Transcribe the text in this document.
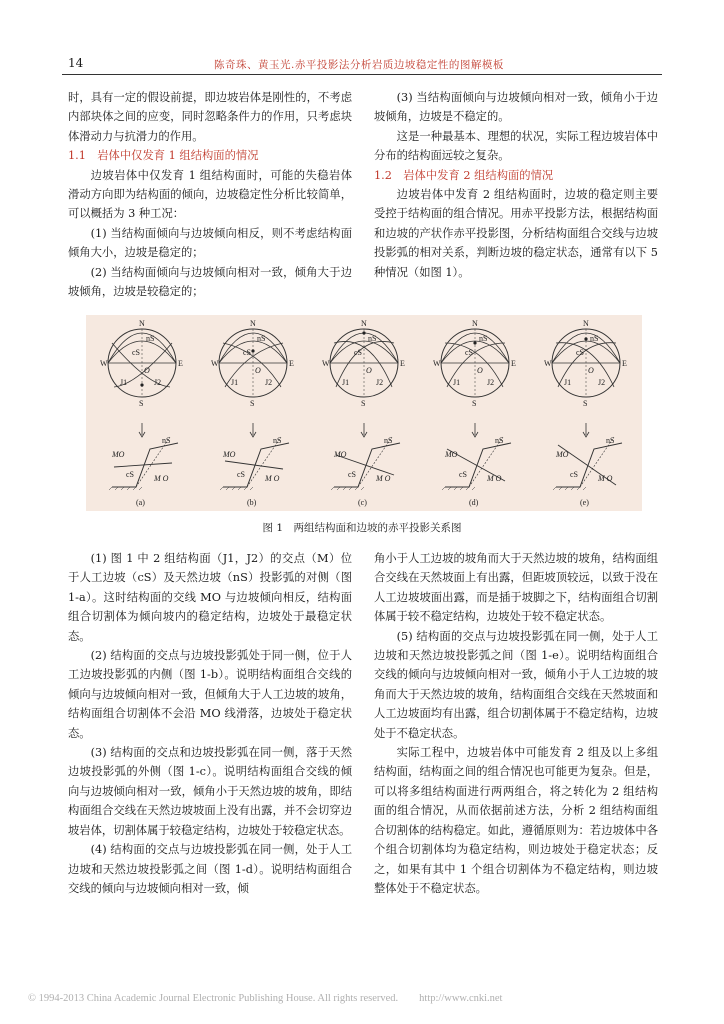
14	陈奇珠、黄玉光.赤平投影法分析岩质边坡稳定性的图解模板

时，具有一定的假设前提，即边坡岩体是刚性的，不考虑内部块体之间的应变，同时忽略条件力的作用，只考虑块体滑动力与抗滑力的作用。

1.1　岩体中仅发育 1 组结构面的情况

边坡岩体中仅发育 1 组结构面时，可能的失稳岩体滑动方向即为结构面的倾向，边坡稳定性分析比较简单，可以概括为 3 种工况：

(1) 当结构面倾向与边坡倾向相反，则不考虑结构面倾角大小，边坡是稳定的；

(2) 当结构面倾向与边坡倾向相对一致，倾角大于边坡倾角，边坡是较稳定的；

(3) 当结构面倾向与边坡倾向相对一致，倾角小于边坡倾角，边坡是不稳定的。

这是一种最基本、理想的状况，实际工程边坡岩体中分布的结构面远较之复杂。

1.2　岩体中发育 2 组结构面的情况

边坡岩体中发育 2 组结构面时，边坡的稳定则主要受控于结构面的组合情况。用赤平投影方法，根据结构面和边坡的产状作赤平投影图，分析结构面组合交线与边坡投影弧的相对关系，判断边坡的稳定状态，通常有以下 5 种情况（如图 1）。

N
S
W	E
O
cS
nS
J1	J2
MO
M O
cS
nS
(a)
N
S
W	E
O
cS
nS
J1	J2
MO
M O
cS
nS
(b)
N
S
W	E
O
cS
nS
J1	J2
MO
M O
cS
nS
(c)
N
S
W	E
O
cS
nS
J1	J2
MO
M O
cS
nS
(d)
N
S
W	E
O
cS
nS
J1	J2
MO
M O
cS
nS
(e)
图 1　两组结构面和边坡的赤平投影关系图

(1) 图 1 中 2 组结构面（J1，J2）的交点（M）位于人工边坡（cS）及天然边坡（nS）投影弧的对侧（图 1-a）。这时结构面的交线 MO 与边坡倾向相反，结构面组合切割体为倾向坡内的稳定结构，边坡处于最稳定状态。

(2) 结构面的交点与边坡投影弧处于同一侧，位于人工边坡投影弧的内侧（图 1-b）。说明结构面组合交线的倾向与边坡倾向相对一致，但倾角大于人工边坡的坡角，结构面组合切割体不会沿 MO 线滑落，边坡处于稳定状态。

(3) 结构面的交点和边坡投影弧在同一侧，落于天然边坡投影弧的外侧（图 1-c）。说明结构面组合交线的倾向与边坡倾向相对一致，倾角小于天然边坡的坡角，即结构面组合交线在天然边坡坡面上没有出露，并不会切穿边坡岩体，切割体属于较稳定结构，边坡处于较稳定状态。

(4) 结构面的交点与边坡投影弧在同一侧，处于人工边坡和天然边坡投影弧之间（图 1-d）。说明结构面组合交线的倾向与边坡倾向相对一致，倾

角小于人工边坡的坡角而大于天然边坡的坡角，结构面组合交线在天然坡面上有出露，但距坡顶较远，以致于没在人工边坡坡面出露，而是插于坡脚之下，结构面组合切割体属于较不稳定结构，边坡处于较不稳定状态。

(5) 结构面的交点与边坡投影弧在同一侧，处于人工边坡和天然边坡投影弧之间（图 1-e）。说明结构面组合交线的倾向与边坡倾向相对一致，倾角小于人工边坡的坡角而大于天然边坡的坡角，结构面组合交线在天然坡面和人工边坡面均有出露，组合切割体属于不稳定结构，边坡处于不稳定状态。

实际工程中，边坡岩体中可能发育 2 组及以上多组结构面，结构面之间的组合情况也可能更为复杂。但是，可以将多组结构面进行两两组合，将之转化为 2 组结构面的组合情况，从而依据前述方法，分析 2 组结构面组合切割体的结构稳定。如此，遵循原则为：若边坡体中各个组合切割体均为稳定结构，则边坡处于稳定状态；反之，如果有其中 1 个组合切割体为不稳定结构，则边坡整体处于不稳定状态。

© 1994-2013 China Academic Journal Electronic Publishing House. All rights reserved.　　http://www.cnki.net
